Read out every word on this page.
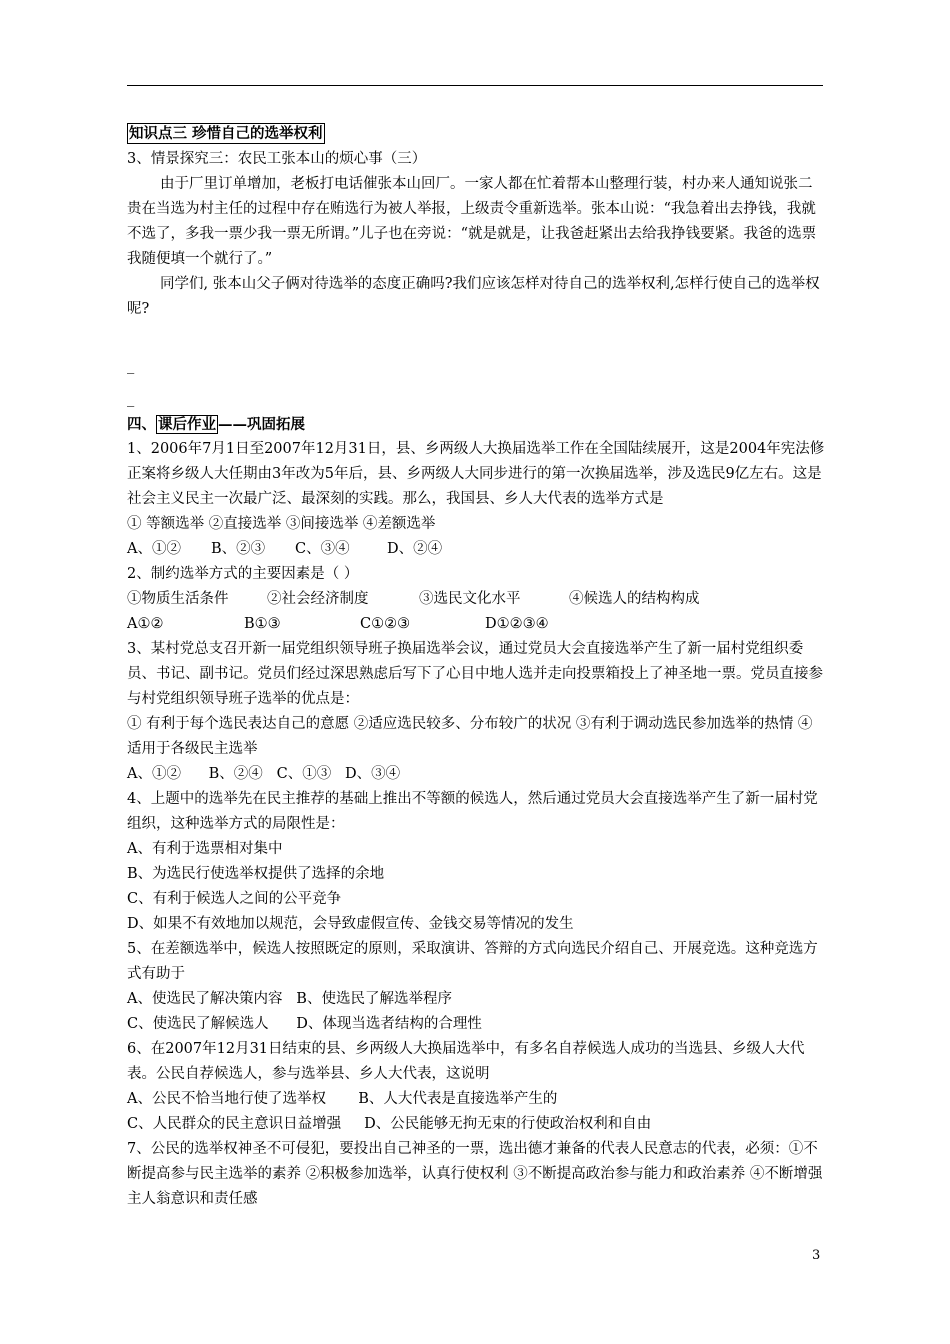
知识点三 珍惜自己的选举权利

3、情景探究三：农民工张本山的烦心事（三）

由于厂里订单增加，老板打电话催张本山回厂。一家人都在忙着帮本山整理行装，村办来人通知说张二贵在当选为村主任的过程中存在贿选行为被人举报，上级责令重新选举。张本山说：“我急着出去挣钱，我就不选了，多我一票少我一票无所谓。”儿子也在旁说：“就是就是，让我爸赶紧出去给我挣钱要紧。我爸的选票我随便填一个就行了。”

同学们, 张本山父子俩对待选举的态度正确吗?我们应该怎样对待自己的选举权利,怎样行使自己的选举权呢?

_

_

四、 课后作业 ——巩固拓展

1、2006年7月1日至2007年12月31日，县、乡两级人大换届选举工作在全国陆续展开，这是2004年宪法修正案将乡级人大任期由3年改为5年后，县、乡两级人大同步进行的第一次换届选举，涉及选民9亿左右。这是社会主义民主一次最广泛、最深刻的实践。那么，我国县、乡人大代表的选举方式是

① 等额选举 ②直接选举 ③间接选举 ④差额选举

A、①② B、②③ C、③④	D、②④

2、制约选举方式的主要因素是（ ）

①物质生活条件	②社会经济制度	③选民文化水平	④候选人的结构构成

A①②	B①③	C①②③	D①②③④

3、某村党总支召开新一届党组织领导班子换届选举会议，通过党员大会直接选举产生了新一届村党组织委员、书记、副书记。党员们经过深思熟虑后写下了心目中地人选并走向投票箱投上了神圣地一票。党员直接参与村党组织领导班子选举的优点是：

① 有利于每个选民表达自己的意愿 ②适应选民较多、分布较广的状况 ③有利于调动选民参加选举的热情 ④适用于各级民主选举

A、①②      B、②④   C、①③   D、③④

4、上题中的选举先在民主推荐的基础上推出不等额的候选人，然后通过党员大会直接选举产生了新一届村党组织，这种选举方式的局限性是：

A、有利于选票相对集中

B、为选民行使选举权提供了选择的余地

C、有利于候选人之间的公平竞争

D、如果不有效地加以规范，会导致虚假宣传、金钱交易等情况的发生

5、在差额选举中，候选人按照既定的原则，采取演讲、答辩的方式向选民介绍自己、开展竞选。这种竞选方式有助于

A、使选民了解决策内容   B、使选民了解选举程序

C、使选民了解候选人      D、体现当选者结构的合理性

6、在2007年12月31日结束的县、乡两级人大换届选举中，有多名自荐候选人成功的当选县、乡级人大代表。公民自荐候选人，参与选举县、乡人大代表，这说明

A、公民不恰当地行使了选举权       B、人大代表是直接选举产生的

C、人民群众的民主意识日益增强     D、公民能够无拘无束的行使政治权利和自由

7、公民的选举权神圣不可侵犯，要投出自己神圣的一票，选出德才兼备的代表人民意志的代表，必须：①不断提高参与民主选举的素养 ②积极参加选举，认真行使权利 ③不断提高政治参与能力和政治素养 ④不断增强主人翁意识和责任感

3
